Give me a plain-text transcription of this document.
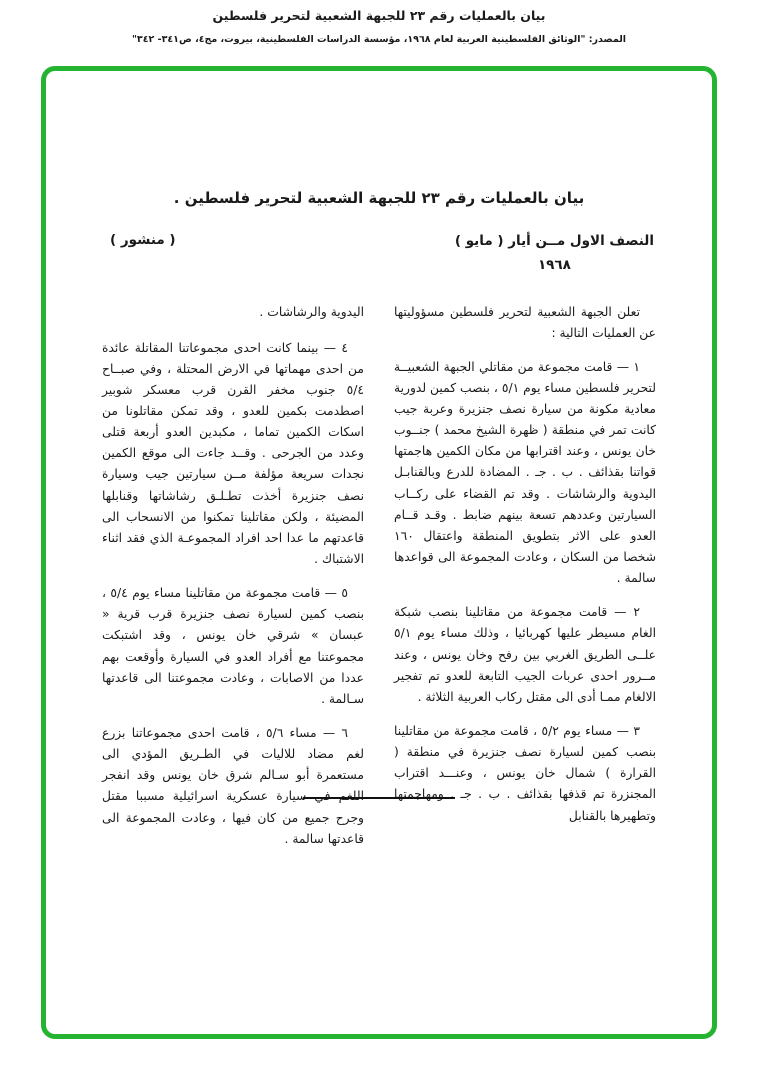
بيان بالعمليات رقم ٢٣ للجبهة الشعبية لتحرير فلسطين
المصدر: "الوثائق الفلسطينية العربية لعام ١٩٦٨، مؤسسة الدراسات الفلسطينية، بيروت، مج٤، ص٣٤١- ٣٤٢"
بيان بالعمليات رقم ٢٣ للجبهة الشعبية لتحرير فلسطين .
النصف الاول مــن أيار ( مايو )
١٩٦٨
( منشور )

تعلن الجبهة الشعبية لتحرير فلسطين مسؤوليتها عن العمليات التالية :

١ — قامت مجموعة من مقاتلي الجبهة الشعبيــة لتحرير فلسطين مساء يوم ٥/١ ، بنصب كمين لدورية معادية مكونة من سيارة نصف جنزيرة وعربة جيب كانت تمر في منطقة ( ظهرة الشيخ محمد ) جنــوب خان يونس ، وعند اقترابها من مكان الكمين هاجمتها قواتنا بقذائف . ب . جـ . المضادة للدرع وبالقنابـل اليدوية والرشاشات . وقد تم القضاء على ركــاب السيارتين وعددهم تسعة بينهم ضابط . وقـد قــام العدو على الاثر بتطويق المنطقة واعتقال ١٦٠ شخصا من السكان ، وعادت المجموعة الى قواعدها سالمة .

٢ — قامت مجموعة من مقاتلينا بنصب شبكة الغام مسيطر عليها كهربائيا ، وذلك مساء يوم ٥/١ علــى الطريق الغربي بين رفح وخان يونس ، وعند مــرور احدى عربات الجيب التابعة للعدو تم تفجير الالغام ممـا أدى الى مقتل ركاب العربية الثلاثة .

٣ — مساء يوم ٥/٢ ، قامت مجموعة من مقاتلينا بنصب كمين لسيارة نصف جنزيرة في منطقة ( القرارة ) شمال خان يونس ، وعنـــد اقتراب المجنزرة تم قذفها بقذائف . ب . جـ . ومهاجمتها وتطهيرها بالقنابل

اليدوية والرشاشات .

٤ — بينما كانت احدى مجموعاتنا المقاتلة عائدة من احدى مهماتها في الارض المحتلة ، وفي صبــاح ٥/٤ جنوب مخفر القرن قرب معسكر شوبير اصطدمت بكمين للعدو ، وقد تمكن مقاتلونا من اسكات الكمين تماما ، مكبدين العدو أربعة قتلى وعدد من الجرحى . وقــد جاءت الى موقع الكمين نجدات سريعة مؤلفة مــن سيارتين جيب وسيارة نصف جنزيرة أخذت تطـلـق رشاشاتها وقنابلها المضيئة ، ولكن مقاتلينا تمكنوا من الانسحاب الى قاعدتهم ما عدا احد افراد المجموعـة الذي فقد اثناء الاشتباك .

٥ — قامت مجموعة من مقاتلينا مساء يوم ٥/٤ ، بنصب كمين لسيارة نصف جنزيرة قرب قرية « عبسان » شرقي خان يونس ، وقد اشتبكت مجموعتنا مع أفراد العدو في السيارة وأوقعت بهم عددا من الاصابات ، وعادت مجموعتنا الى قاعدتها سـالمة .

٦ — مساء ٥/٦ ، قامت احدى مجموعاتنا بزرع لغم مضاد للاليات في الطـريق المؤدي الى مستعمرة أبو سـالم شرق خان يونس وقد انفجر اللغم في سيارة عسكرية اسرائيلية مسببا مقتل وجرح جميع من كان فيها ، وعادت المجموعة الى قاعدتها سالمة .
